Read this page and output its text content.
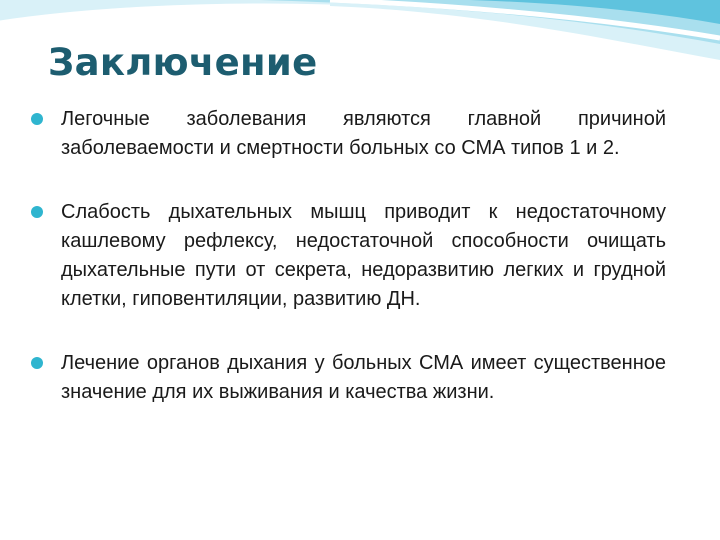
Заключение
Легочные заболевания являются главной причиной заболеваемости и смертности больных со СМА типов 1 и 2.
Слабость дыхательных мышц приводит к недостаточному кашлевому рефлексу, недостаточной способности очищать дыхательные пути от секрета, недоразвитию легких и грудной клетки, гиповентиляции, развитию ДН.
Лечение органов дыхания у больных СМА имеет существенное значение для их выживания и качества жизни.
